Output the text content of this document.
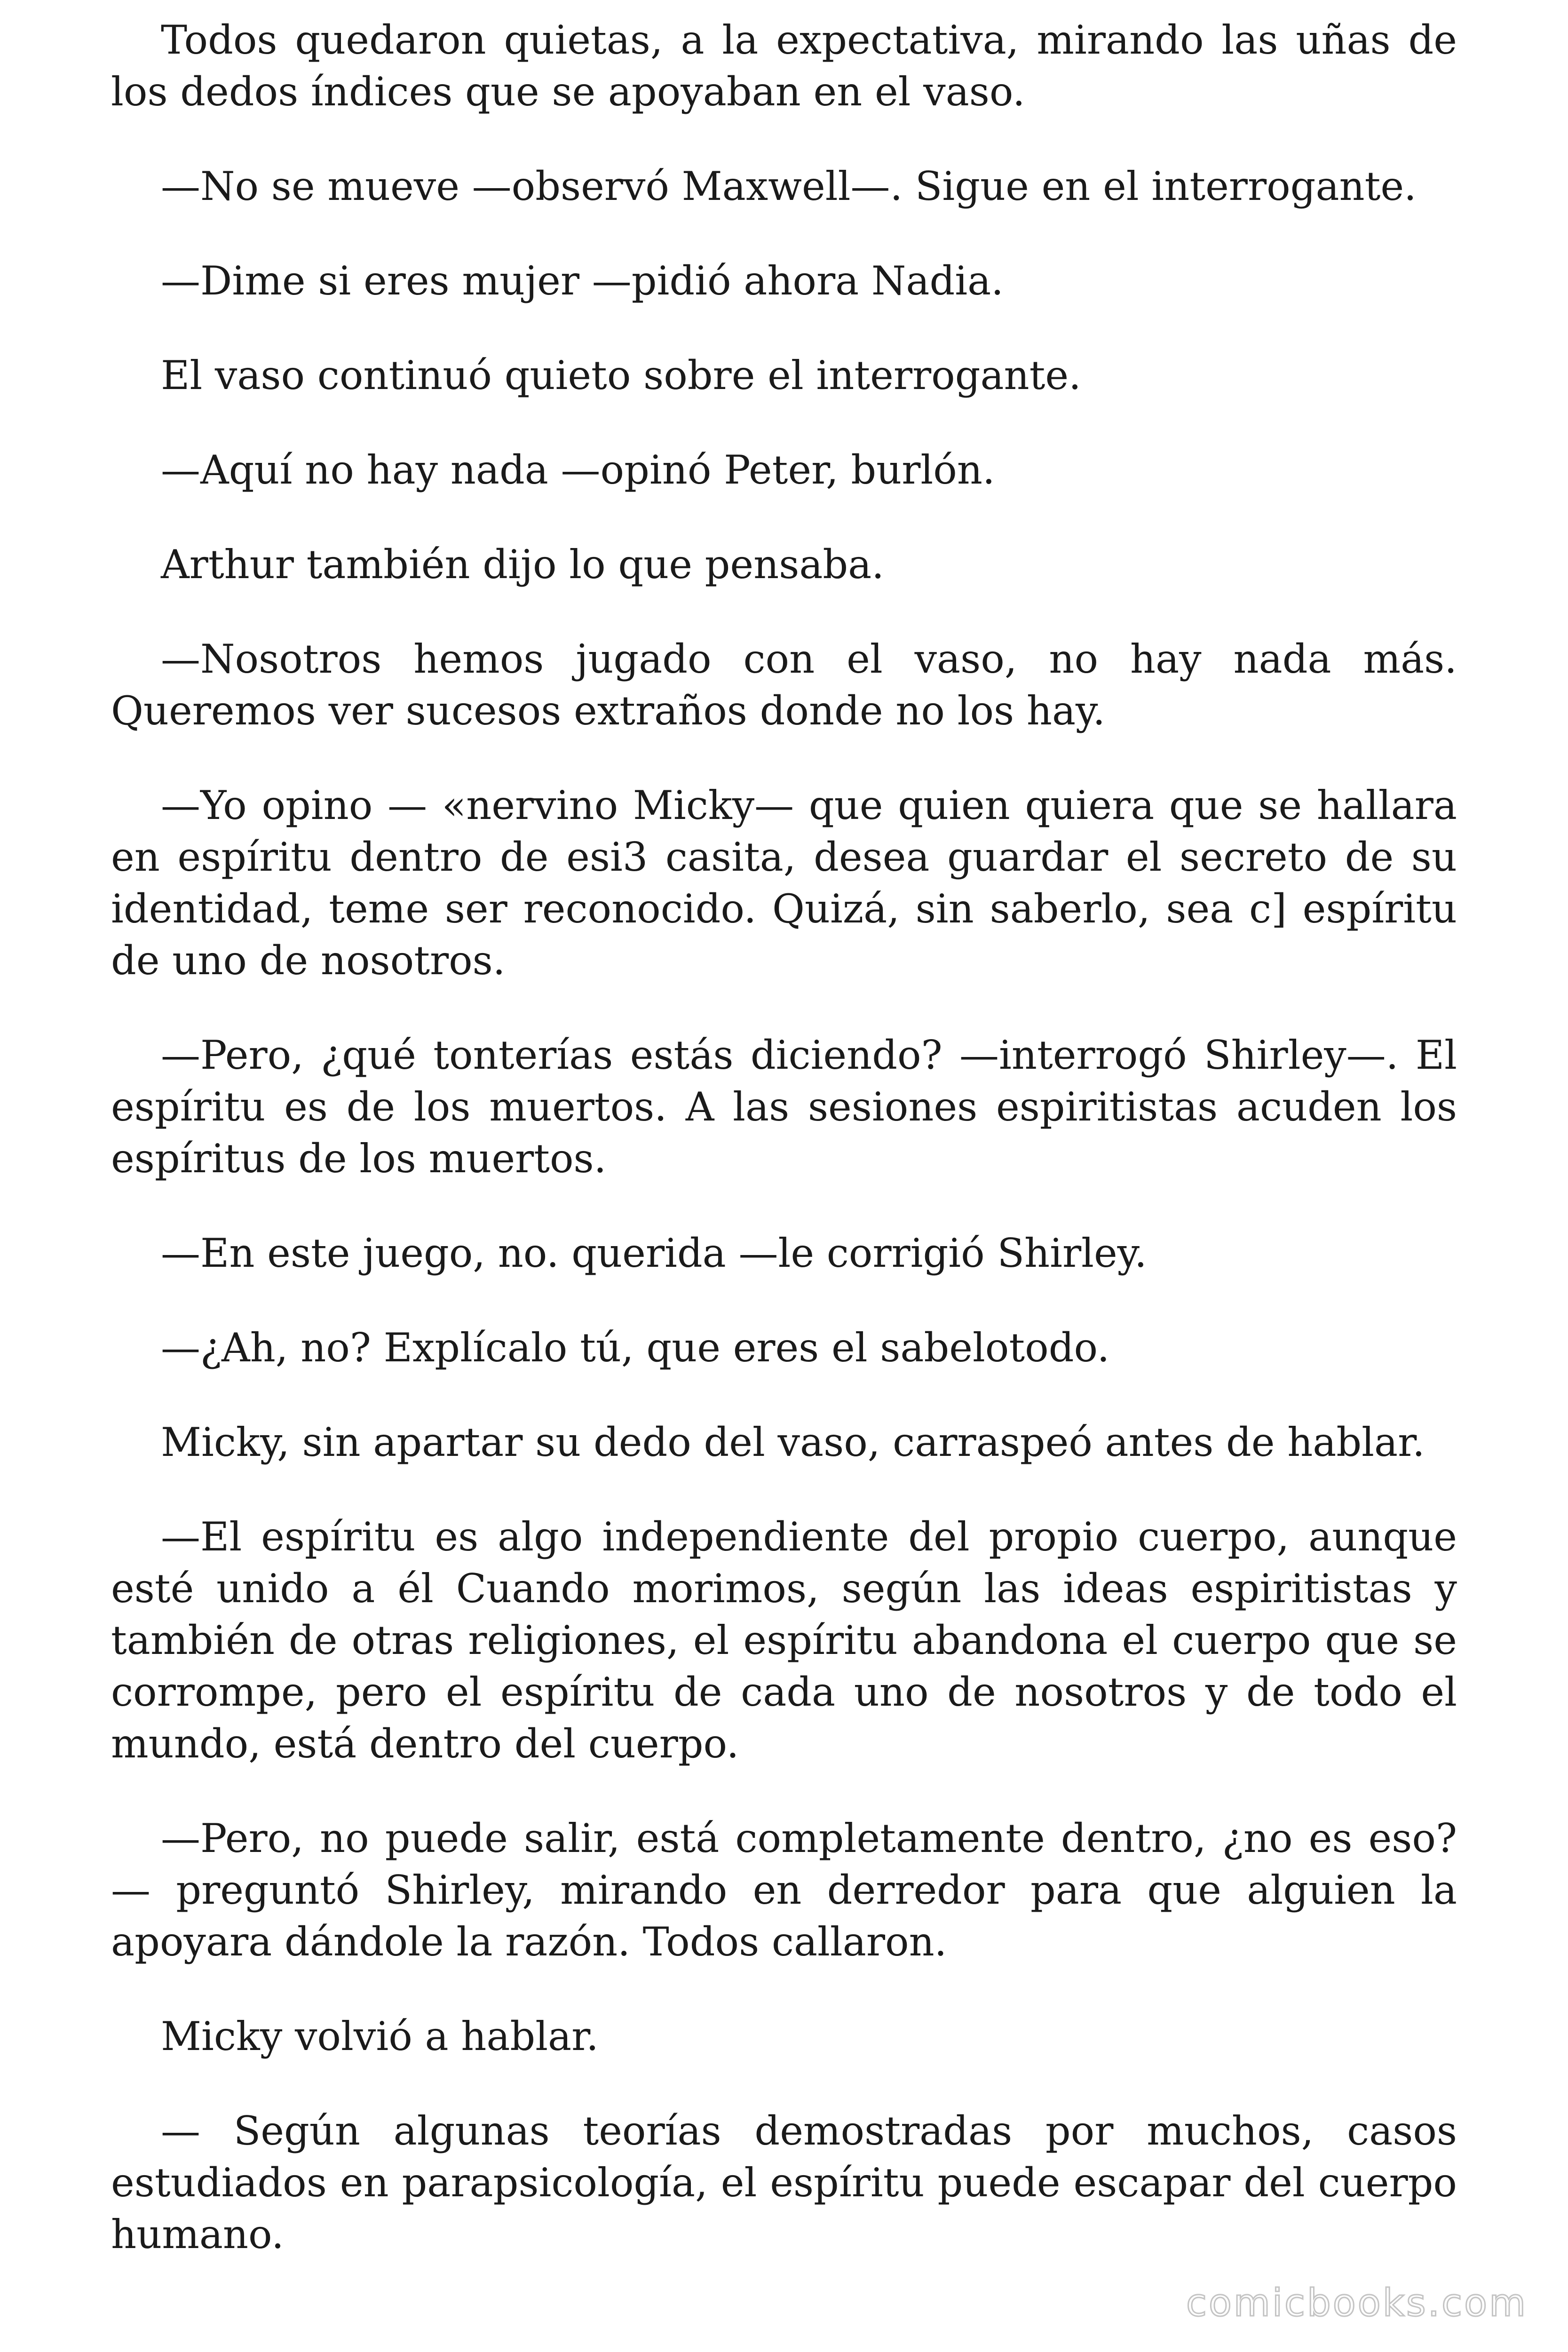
Todos quedaron quietas, a la expectativa, mirando las uñas de los dedos índices que se apoyaban en el vaso.

—No se mueve —observó Maxwell—. Sigue en el interrogante.

—Dime si eres mujer —pidió ahora Nadia.

El vaso continuó quieto sobre el interrogante.

—Aquí no hay nada —opinó Peter, burlón.

Arthur también dijo lo que pensaba.

—Nosotros hemos jugado con el vaso, no hay nada más. Queremos ver sucesos extraños donde no los hay.

—Yo opino — «nervino Micky— que quien quiera que se hallara en espíritu dentro de esi3 casita, desea guardar el secreto de su identidad, teme ser reconocido. Quizá, sin saberlo, sea c] espíritu de uno de nosotros.

—Pero, ¿qué tonterías estás diciendo? —interrogó Shirley—. El espíritu es de los muertos. A las sesiones espiritistas acuden los espíritus de los muertos.

—En este juego, no. querida —le corrigió Shirley.

—¿Ah, no? Explícalo tú, que eres el sabelotodo.

Micky, sin apartar su dedo del vaso, carraspeó antes de hablar.

—El espíritu es algo independiente del propio cuerpo, aunque esté unido a él Cuando morimos, según las ideas espiritistas y también de otras religiones, el espíritu abandona el cuerpo que se corrompe, pero el espíritu de cada uno de nosotros y de todo el mundo, está dentro del cuerpo.

—Pero, no puede salir, está completamente dentro, ¿no es eso? — preguntó Shirley, mirando en derredor para que alguien la apoyara dándole la razón. Todos callaron.

Micky volvió a hablar.

— Según algunas teorías demostradas por muchos, casos estudiados en parapsicología, el espíritu puede escapar del cuerpo humano.

comicbooks.com
